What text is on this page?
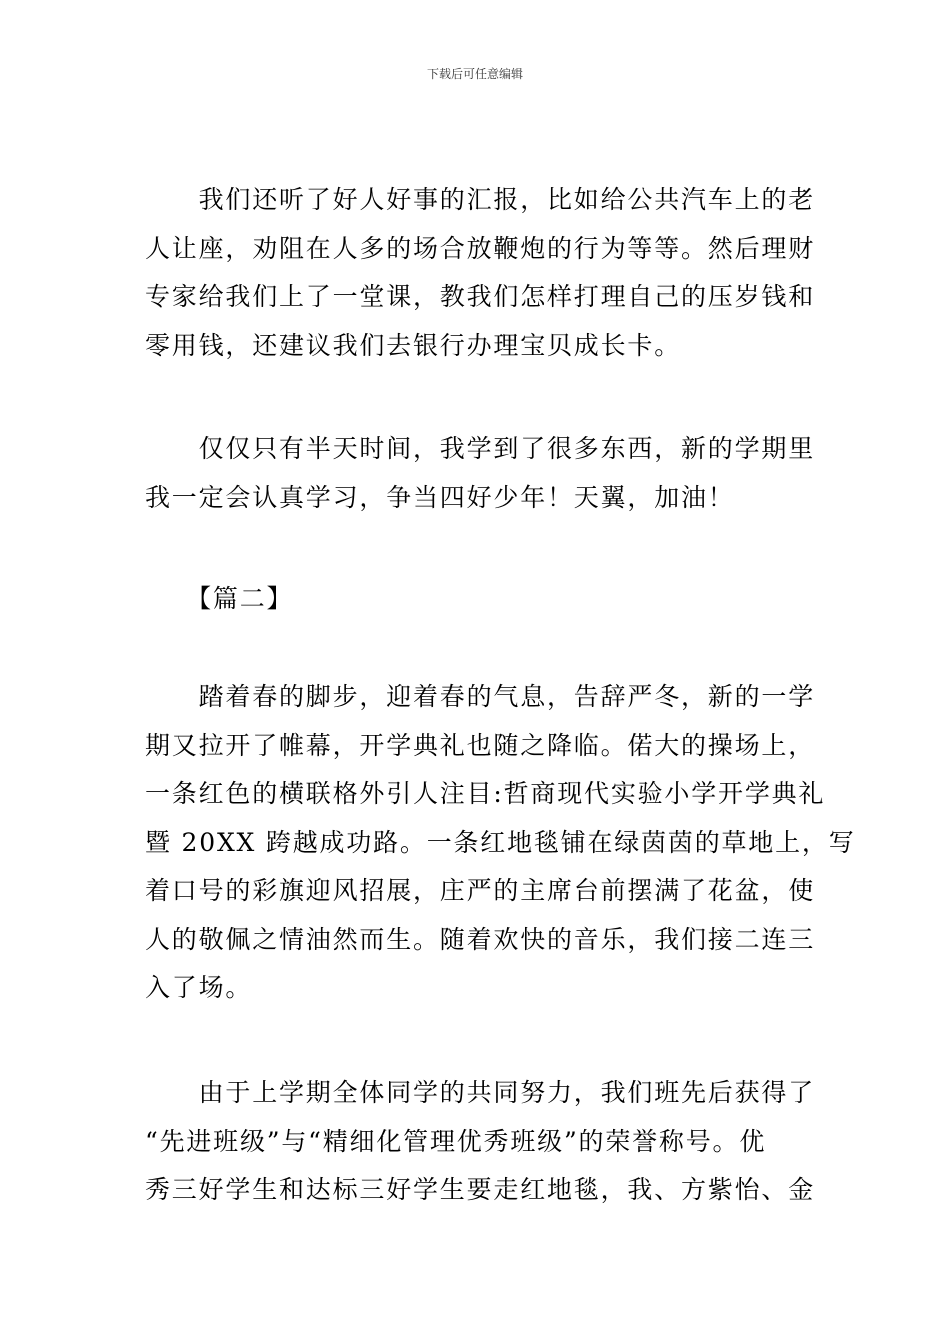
下载后可任意编辑
　　我们还听了好人好事的汇报，比如给公共汽车上的老
人让座，劝阻在人多的场合放鞭炮的行为等等。然后理财
专家给我们上了一堂课，教我们怎样打理自己的压岁钱和
零用钱，还建议我们去银行办理宝贝成长卡。
　　仅仅只有半天时间，我学到了很多东西，新的学期里
我一定会认真学习，争当四好少年！天翼，加油！
　　【篇二】
　　踏着春的脚步，迎着春的气息，告辞严冬，新的一学
期又拉开了帷幕，开学典礼也随之降临。偌大的操场上，
一条红色的横联格外引人注目:哲商现代实验小学开学典礼
暨 20XX 跨越成功路。一条红地毯铺在绿茵茵的草地上，写
着口号的彩旗迎风招展，庄严的主席台前摆满了花盆，使
人的敬佩之情油然而生。随着欢快的音乐，我们接二连三
入了场。
　　由于上学期全体同学的共同努力，我们班先后获得了
“先进班级”与“精细化管理优秀班级”的荣誉称号。优
秀三好学生和达标三好学生要走红地毯，我、方紫怡、金
